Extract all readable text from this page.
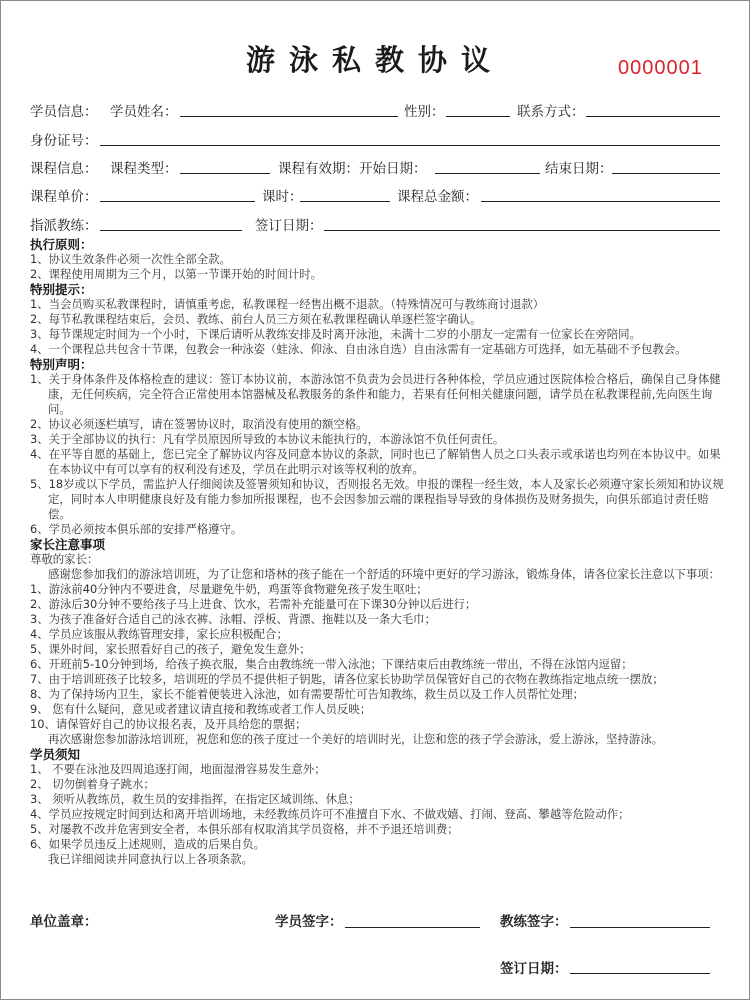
游泳私教协议	0000001
学员信息： 学员姓名：	性别：	联系方式：
身份证号：
课程信息： 课程类型：	课程有效期：开始日期：	结束日期：
课程单价：	课时：	课程总金额：
指派教练：	签订日期：
执行原则：
1、协议生效条件必须一次性全部全款。
2、课程使用周期为三个月，以第一节课开始的时间计时。
特别提示：
1、当会员购买私教课程时，请慎重考虑，私教课程一经售出概不退款。（特殊情况可与教练商讨退款）
2、每节私教课程结束后，会员、教练、前台人员三方须在私教课程确认单逐栏签字确认。
3、每节课规定时间为一个小时，下课后请听从教练安排及时离开泳池，未满十二岁的小朋友一定需有一位家长在旁陪同。
4、一个课程总共包含十节课，包教会一种泳姿（蛙泳、仰泳、自由泳自选）自由泳需有一定基础方可选择，如无基础不予包教会。
特别声明：
1、关于身体条件及体格检查的建议：签订本协议前，本游泳馆不负责为会员进行各种体检，学员应通过医院体检合格后，确保自己身体健康，无任何疾病，完全符合正常使用本馆器械及私教服务的条件和能力，若果有任何相关健康问题，请学员在私教课程前,先向医生询问。
2、协议必须逐栏填写，请在签署协议时，取消没有使用的额空格。
3、关于全部协议的执行：凡有学员原因所导致的本协议未能执行的，本游泳馆不负任何责任。
4、在平等自愿的基础上，您已完全了解协议内容及同意本协议的条款，同时也已了解销售人员之口头表示或承诺也均列在本协议中。如果在本协议中有可以享有的权利没有述及，学员在此明示对该等权利的放弃。
5、18岁或以下学员，需监护人仔细阅读及签署须知和协议，否则报名无效。申报的课程一经生效，本人及家长必须遵守家长须知和协议规定，同时本人申明健康良好及有能力参加所报课程，也不会因参加云端的课程指导导致的身体损伤及财务损失，向俱乐部追讨责任赔偿。
6、学员必须按本俱乐部的安排严格遵守。
家长注意事项
尊敬的家长：
感谢您参加我们的游泳培训班，为了让您和塔林的孩子能在一个舒适的环境中更好的学习游泳，锻炼身体，请各位家长注意以下事项：
1、游泳前40分钟内不要进食，尽量避免牛奶，鸡蛋等食物避免孩子发生呕吐；
2、游泳后30分钟不要给孩子马上进食、饮水，若需补充能量可在下课30分钟以后进行；
3、为孩子准备好合适自己的泳衣裤、泳帽、浮板、背漂、拖鞋以及一条大毛巾；
4、学员应该服从教练管理安排，家长应积极配合；
5、课外时间，家长照看好自己的孩子，避免发生意外；
6、开班前5-10分钟到场，给孩子换衣服，集合由教练统一带入泳池；下课结束后由教练统一带出，不得在泳馆内逗留；
7、由于培训班孩子比较多，培训班的学员不提供柜子钥匙，请各位家长协助学员保管好自己的衣物在教练指定地点统一摆放；
8、为了保持场内卫生，家长不能着便装进入泳池，如有需要帮忙可告知教练，救生员以及工作人员帮忙处理；
9、 您有什么疑问，意见或者建议请直接和教练或者工作人员反映；
10、请保管好自己的协议报名表，及开具给您的票据；
再次感谢您参加游泳培训班，祝您和您的孩子度过一个美好的培训时光，让您和您的孩子学会游泳，爱上游泳，坚持游泳。
学员须知
1、 不要在泳池及四周追逐打闹，地面湿滑容易发生意外；
2、 切勿倒着身子跳水；
3、 须听从教练员，救生员的安排指挥，在指定区域训练、休息；
4、学员应按规定时间到达和离开培训场地，未经教练员许可不准擅自下水、不做戏嬉、打闹、登高、攀越等危险动作；
5、对屡教不改并危害到安全者，本俱乐部有权取消其学员资格，并不予退还培训费；
6、如果学员违反上述规则，造成的后果自负。
我已详细阅读并同意执行以上各项条款。
单位盖章：	学员签字：	教练签字：
签订日期：
